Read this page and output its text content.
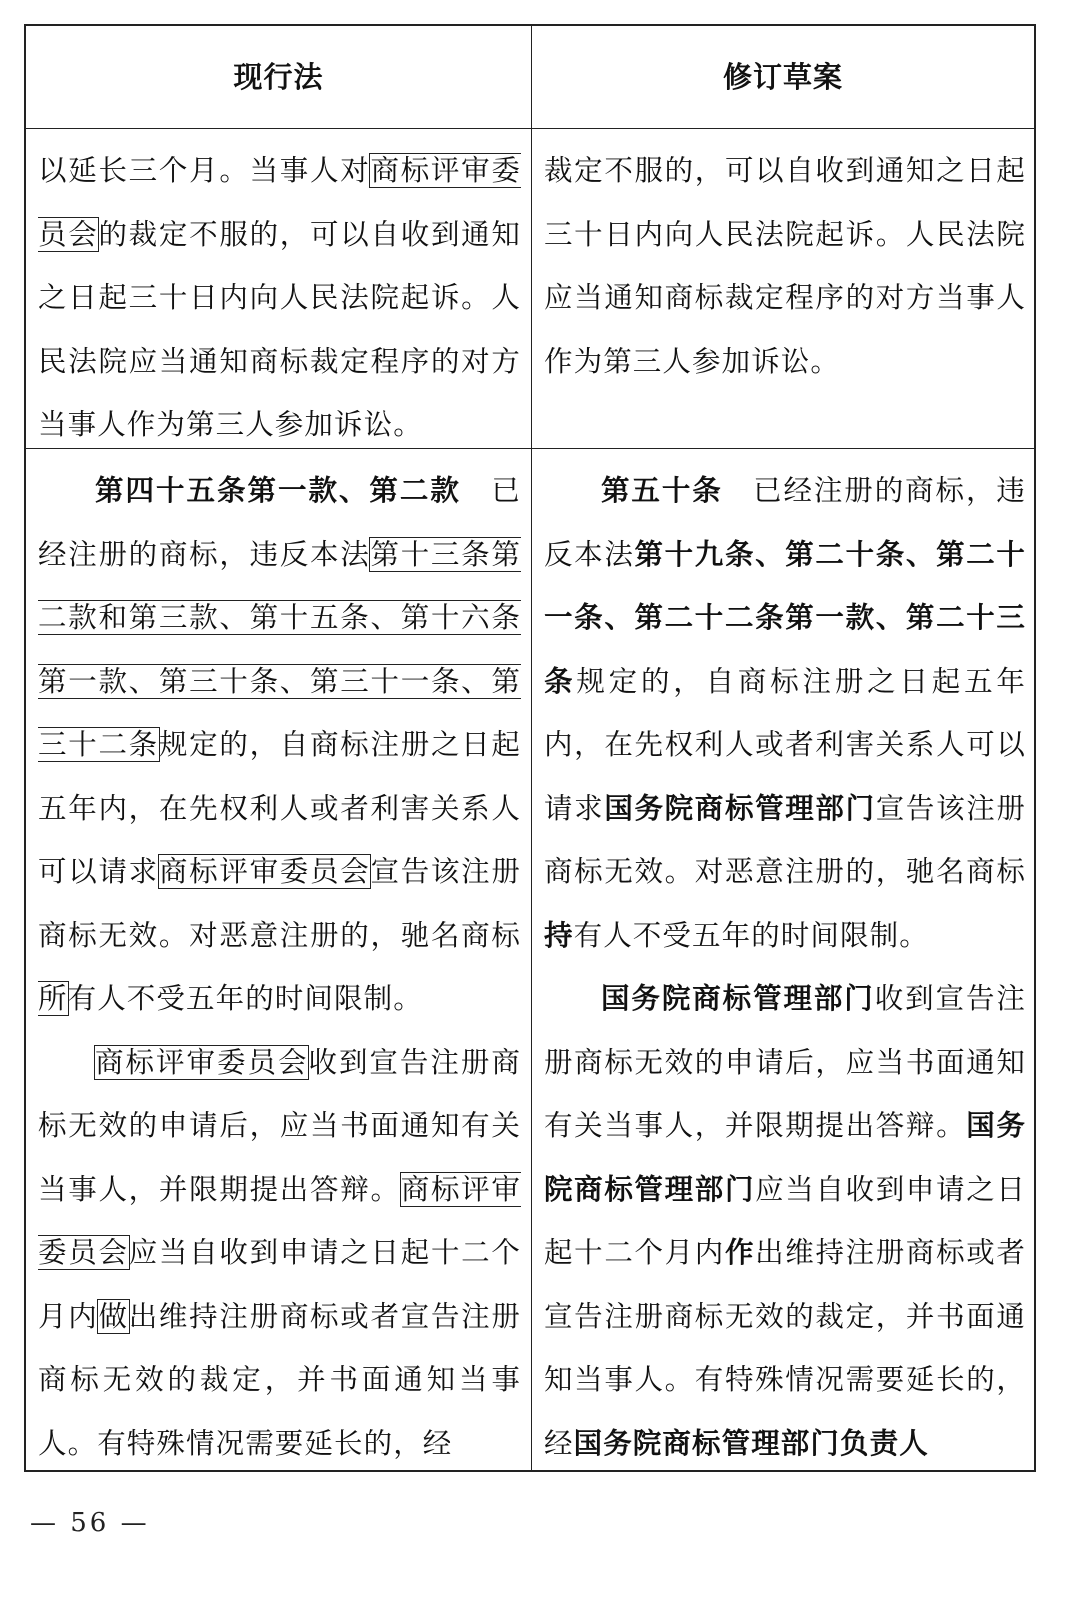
现行法	修订草案

以延长三个月。当事人对商标评审委员会的裁定不服的，可以自收到通知之日起三十日内向人民法院起诉。人民法院应当通知商标裁定程序的对方当事人作为第三人参加诉讼。

裁定不服的，可以自收到通知之日起三十日内向人民法院起诉。人民法院应当通知商标裁定程序的对方当事人作为第三人参加诉讼。

第四十五条第一款、第二款　已经注册的商标，违反本法第十三条第二款和第三款、第十五条、第十六条第一款、第三十条、第三十一条、第三十二条规定的，自商标注册之日起五年内，在先权利人或者利害关系人可以请求商标评审委员会宣告该注册商标无效。对恶意注册的，驰名商标所有人不受五年的时间限制。

商标评审委员会收到宣告注册商标无效的申请后，应当书面通知有关当事人，并限期提出答辩。商标评审委员会应当自收到申请之日起十二个月内做出维持注册商标或者宣告注册商标无效的裁定，并书面通知当事人。有特殊情况需要延长的，经

第五十条　已经注册的商标，违反本法第十九条、第二十条、第二十一条、第二十二条第一款、第二十三条规定的，自商标注册之日起五年内，在先权利人或者利害关系人可以请求国务院商标管理部门宣告该注册商标无效。对恶意注册的，驰名商标持有人不受五年的时间限制。

国务院商标管理部门收到宣告注册商标无效的申请后，应当书面通知有关当事人，并限期提出答辩。国务院商标管理部门应当自收到申请之日起十二个月内作出维持注册商标或者宣告注册商标无效的裁定，并书面通知当事人。有特殊情况需要延长的，经国务院商标管理部门负责人

— 56 —
